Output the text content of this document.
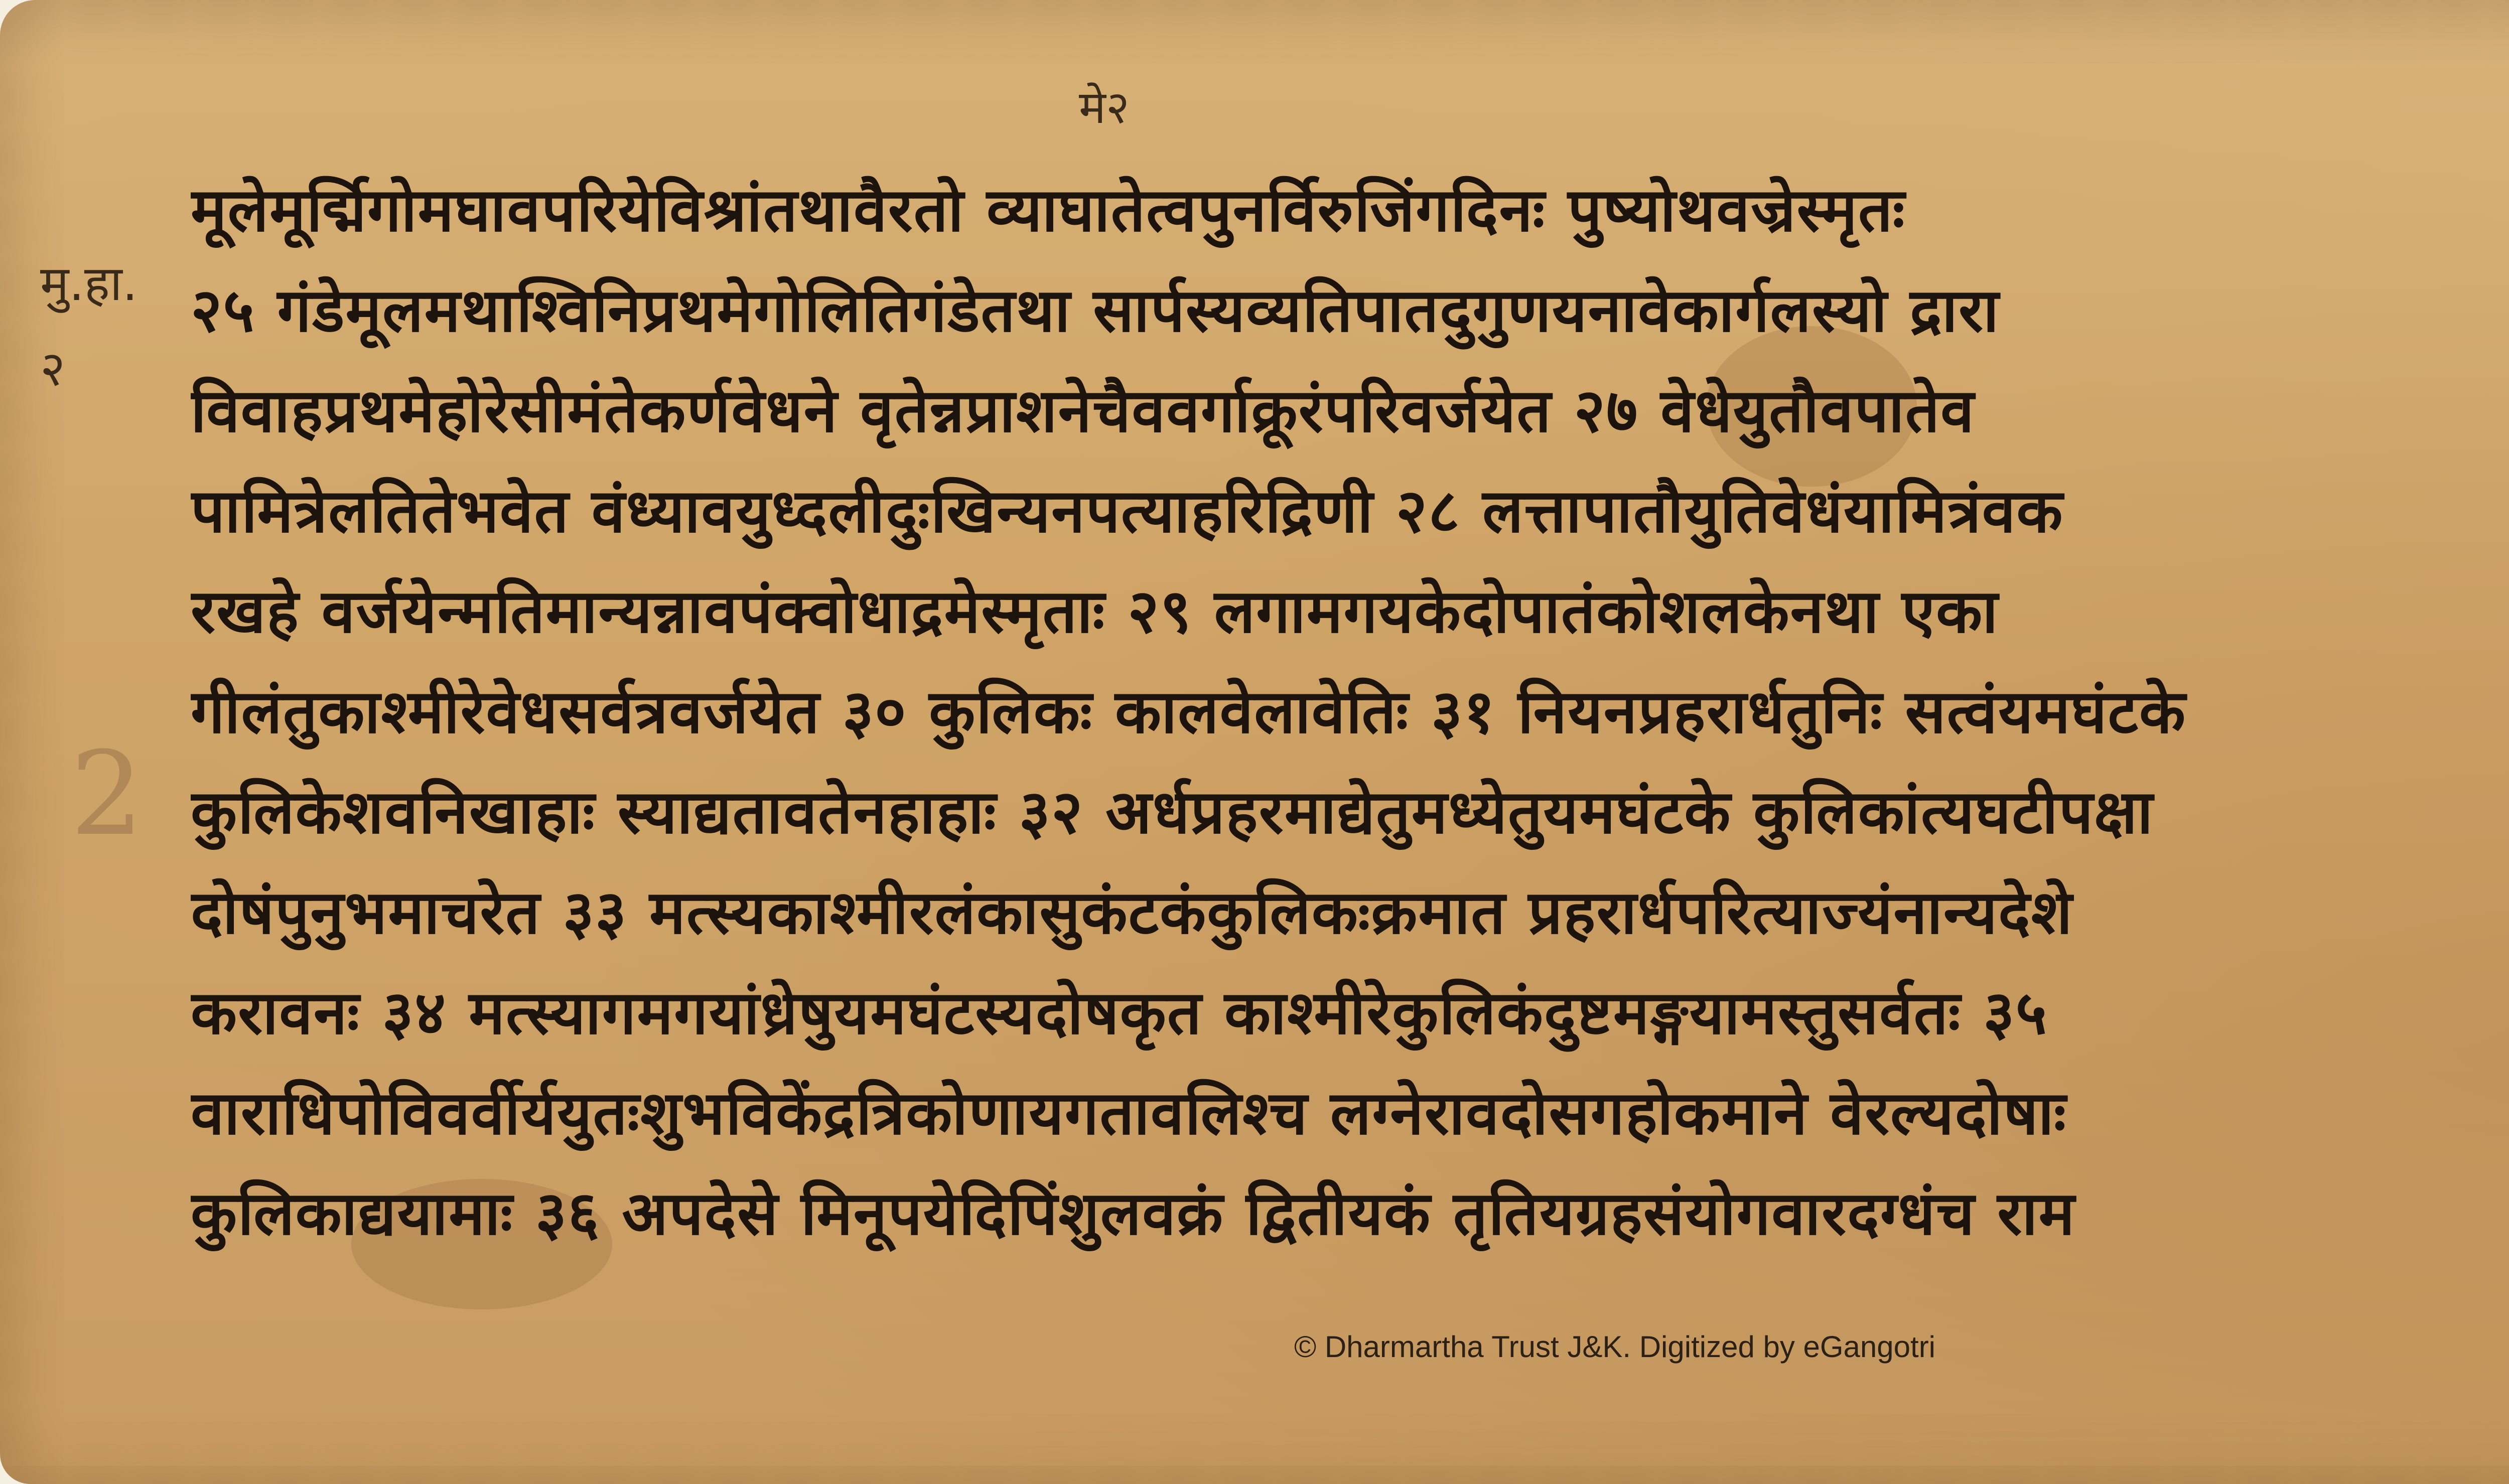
मे२
मु.हा.
२
2
मूलेमूर्द्मिगोमघावपरियेविश्रांतथावैरतो व्याघातेत्वपुनर्विरुजिंगदिनः पुष्योथवज्रेस्मृतः
२५ गंडेमूलमथाश्विनिप्रथमेगोलितिगंडेतथा सार्पस्यव्यतिपातदुगुणयनावेकार्गलस्यो द्रारा
विवाहप्रथमेहोरेसीमंतेकर्णवेधने वृतेन्नप्राशनेचैववर्गाक्रूरंपरिवर्जयेत २७ वेधेयुतौवपातेव
पामित्रेलतितेभवेत वंध्यावयुध्दलीदुःखिन्यनपत्याहरिद्रिणी २८ लत्तापातौयुतिवेधंयामित्रंवक
रखहे वर्जयेन्मतिमान्यन्नावपंक्वोधाद्रमेस्मृताः २९ लगामगयकेदोपातंकोशलकेनथा एका
गीलंतुकाश्मीरेवेधसर्वत्रवर्जयेत ३० कुलिकः कालवेलावेतिः ३१ नियनप्रहरार्धतुनिः सत्वंयमघंटके
कुलिकेशवनिखाहाः स्याद्यतावतेनहाहाः ३२ अर्धप्रहरमाद्येतुमध्येतुयमघंटके कुलिकांत्यघटीपक्षा
दोषंपुनुभमाचरेत ३३ मत्स्यकाश्मीरलंकासुकंटकंकुलिकःक्रमात प्रहरार्धपरित्याज्यंनान्यदेशे
करावनः ३४ मत्स्यागमगयांध्रेषुयमघंटस्यदोषकृत काश्मीरेकुलिकंदुष्टमङ्गयामस्तुसर्वतः ३५
वाराधिपोविवर्वीर्ययुतःशुभविकेंद्रत्रिकोणायगतावलिश्च लग्नेरावदोसगहोकमाने वेरल्यदोषाः
कुलिकाद्ययामाः ३६ अपदेसे मिनूपयेदिपिंशुलवक्रं द्वितीयकं तृतियग्रहसंयोगवारदग्धंच राम
© Dharmartha Trust J&K. Digitized by eGangotri
